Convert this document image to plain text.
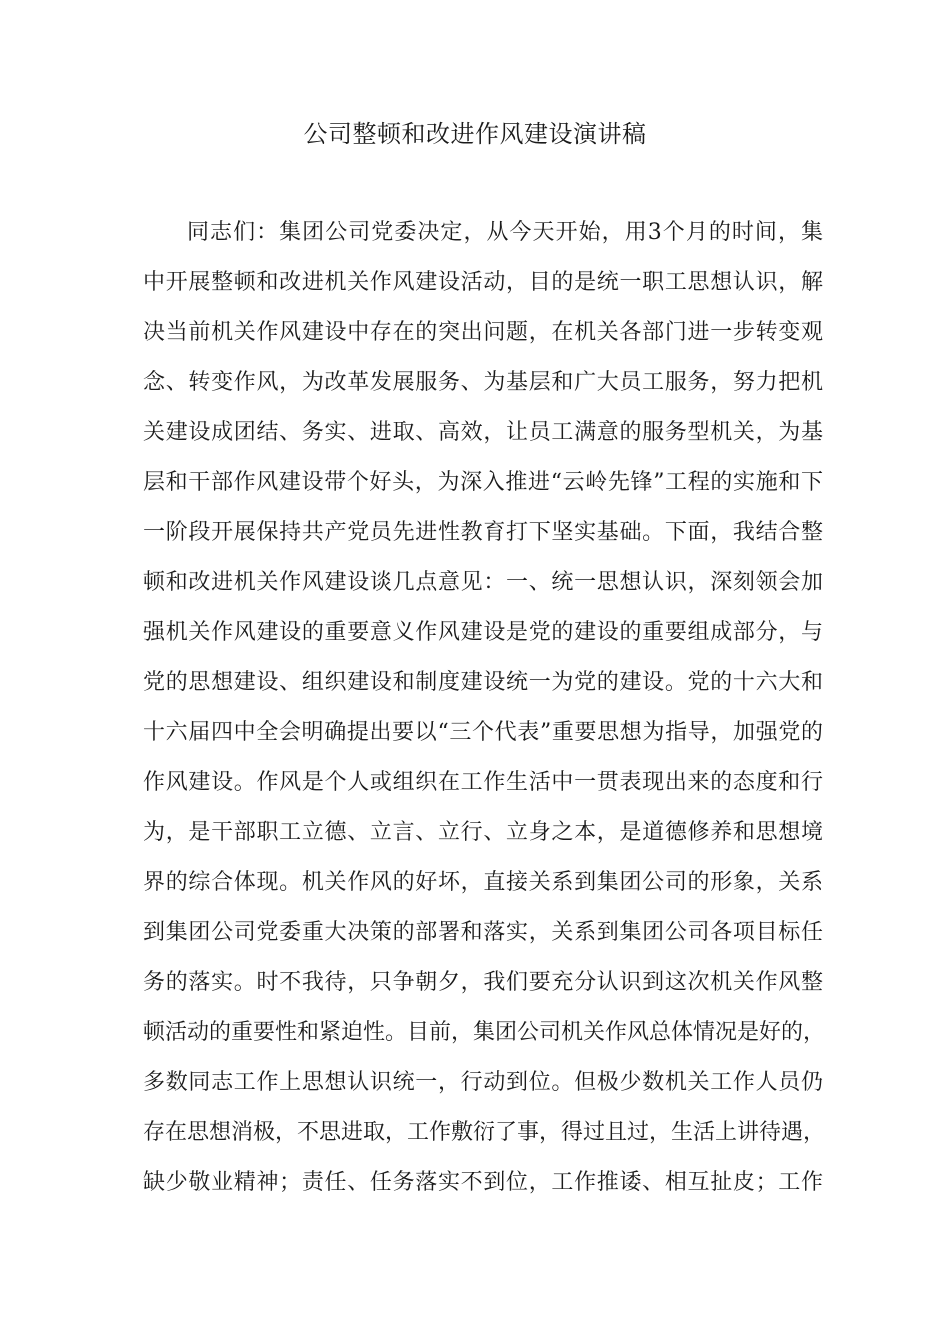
公司整顿和改进作风建设演讲稿
同志们：集团公司党委决定，从今天开始，用3个月的时间，集
中开展整顿和改进机关作风建设活动，目的是统一职工思想认识，解
决当前机关作风建设中存在的突出问题，在机关各部门进一步转变观
念、转变作风，为改革发展服务、为基层和广大员工服务，努力把机
关建设成团结、务实、进取、高效，让员工满意的服务型机关，为基
层和干部作风建设带个好头，为深入推进“云岭先锋”工程的实施和下
一阶段开展保持共产党员先进性教育打下坚实基础。下面，我结合整
顿和改进机关作风建设谈几点意见：一、统一思想认识，深刻领会加
强机关作风建设的重要意义作风建设是党的建设的重要组成部分，与
党的思想建设、组织建设和制度建设统一为党的建设。党的十六大和
十六届四中全会明确提出要以“三个代表”重要思想为指导，加强党的
作风建设。作风是个人或组织在工作生活中一贯表现出来的态度和行
为，是干部职工立德、立言、立行、立身之本，是道德修养和思想境
界的综合体现。机关作风的好坏，直接关系到集团公司的形象，关系
到集团公司党委重大决策的部署和落实，关系到集团公司各项目标任
务的落实。时不我待，只争朝夕，我们要充分认识到这次机关作风整
顿活动的重要性和紧迫性。目前，集团公司机关作风总体情况是好的，
多数同志工作上思想认识统一，行动到位。但极少数机关工作人员仍
存在思想消极，不思进取，工作敷衍了事，得过且过，生活上讲待遇，
缺少敬业精神；责任、任务落实不到位，工作推诿、相互扯皮；工作
